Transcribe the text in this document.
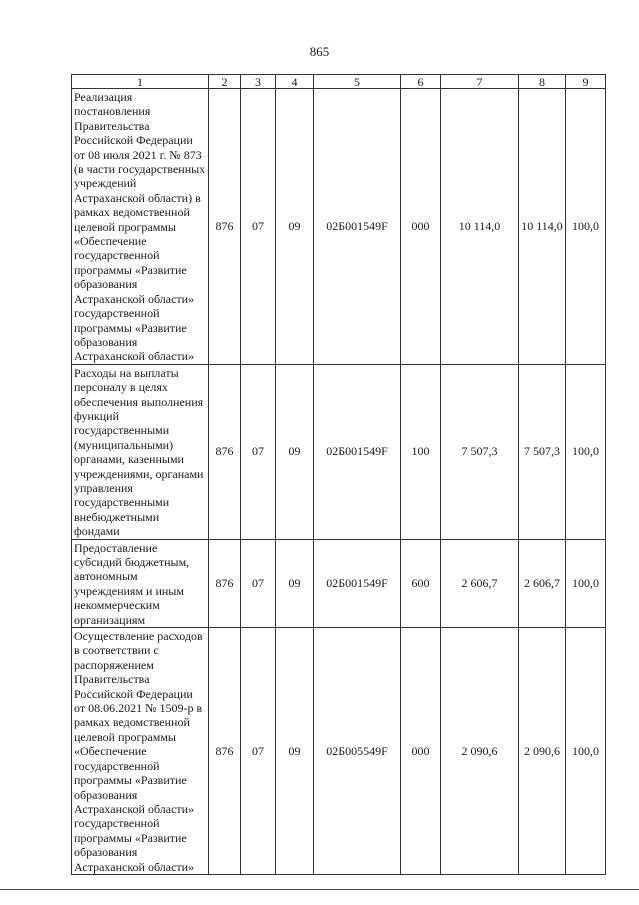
865
1	2	3	4	5	6	7	8	9
Реализация постановления Правительства Российской Федерации от 08 июля 2021 г. № 873 (в части государственных учреждений Астраханской области) в рамках ведомственной целевой программы «Обеспечение государственной программы «Развитие образования Астраханской области» государственной программы «Развитие образования Астраханской области»	876	07	09	02Б001549F	000	10 114,0	10 114,0	100,0
Расходы на выплаты персоналу в целях обеспечения выполнения функций государственными (муниципальными) органами, казенными учреждениями, органами управления государственными внебюджетными фондами	876	07	09	02Б001549F	100	7 507,3	7 507,3	100,0
Предоставление субсидий бюджетным, автономным учреждениям и иным некоммерческим организациям	876	07	09	02Б001549F	600	2 606,7	2 606,7	100,0
Осуществление расходов в соответствии с распоряжением Правительства Российской Федерации от 08.06.2021 № 1509-р в рамках ведомственной целевой программы «Обеспечение государственной программы «Развитие образования Астраханской области» государственной программы «Развитие образования Астраханской области»	876	07	09	02Б005549F	000	2 090,6	2 090,6	100,0
